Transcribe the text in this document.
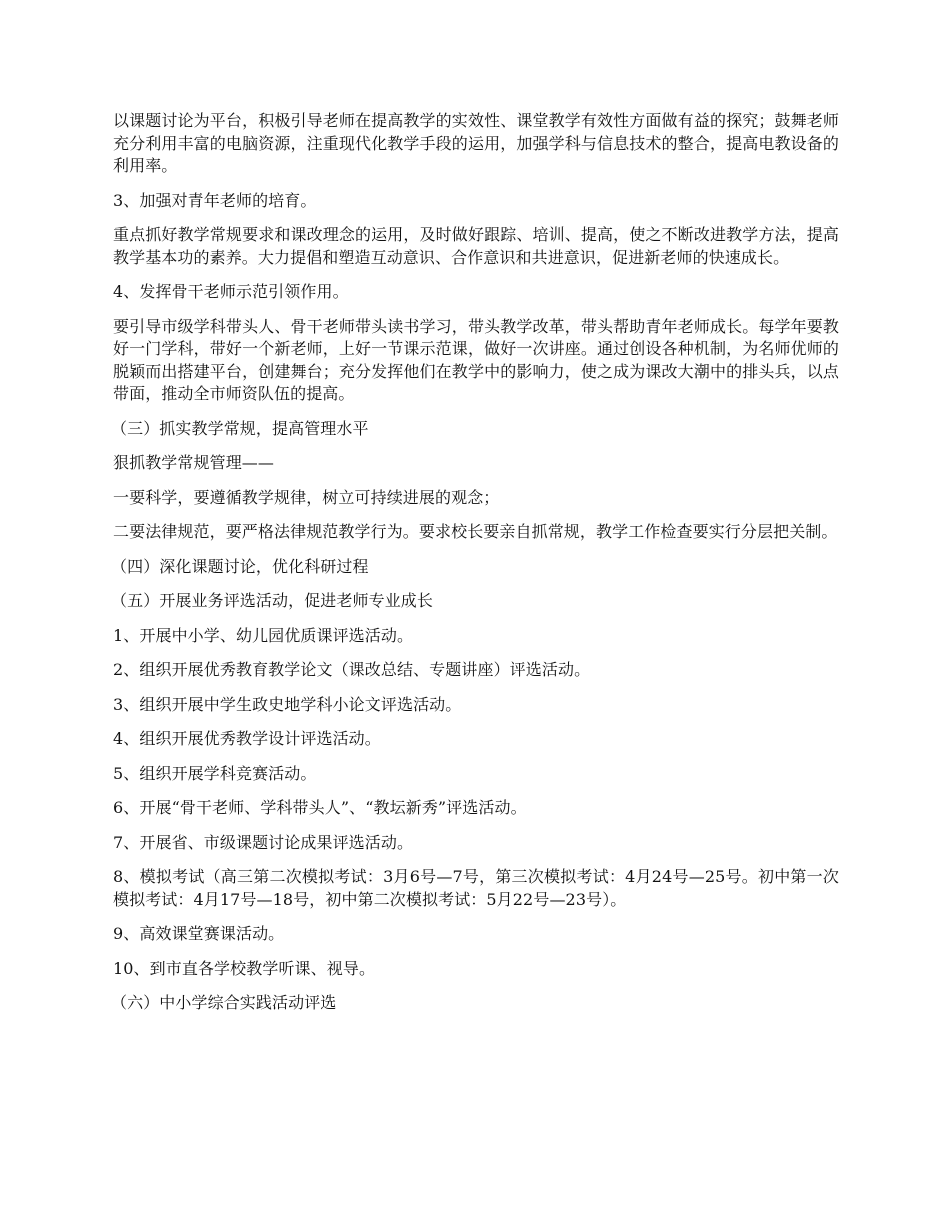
以课题讨论为平台，积极引导老师在提高教学的实效性、课堂教学有效性方面做有益的探究；鼓舞老师充分利用丰富的电脑资源，注重现代化教学手段的运用，加强学科与信息技术的整合，提高电教设备的利用率。

3、加强对青年老师的培育。

重点抓好教学常规要求和课改理念的运用，及时做好跟踪、培训、提高，使之不断改进教学方法，提高教学基本功的素养。大力提倡和塑造互动意识、合作意识和共进意识，促进新老师的快速成长。

4、发挥骨干老师示范引领作用。

要引导市级学科带头人、骨干老师带头读书学习，带头教学改革，带头帮助青年老师成长。每学年要教好一门学科，带好一个新老师，上好一节课示范课，做好一次讲座。通过创设各种机制，为名师优师的脱颖而出搭建平台，创建舞台；充分发挥他们在教学中的影响力，使之成为课改大潮中的排头兵，以点带面，推动全市师资队伍的提高。

（三）抓实教学常规，提高管理水平

狠抓教学常规管理——

一要科学，要遵循教学规律，树立可持续进展的观念；

二要法律规范，要严格法律规范教学行为。要求校长要亲自抓常规，教学工作检查要实行分层把关制。

（四）深化课题讨论，优化科研过程

（五）开展业务评选活动，促进老师专业成长

1、开展中小学、幼儿园优质课评选活动。

2、组织开展优秀教育教学论文（课改总结、专题讲座）评选活动。

3、组织开展中学生政史地学科小论文评选活动。

4、组织开展优秀教学设计评选活动。

5、组织开展学科竞赛活动。

6、开展“骨干老师、学科带头人”、“教坛新秀”评选活动。

7、开展省、市级课题讨论成果评选活动。

8、模拟考试（高三第二次模拟考试：3月6号—7号，第三次模拟考试：4月24号—25号。初中第一次模拟考试：4月17号—18号，初中第二次模拟考试：5月22号—23号）。

9、高效课堂赛课活动。

10、到市直各学校教学听课、视导。

（六）中小学综合实践活动评选
